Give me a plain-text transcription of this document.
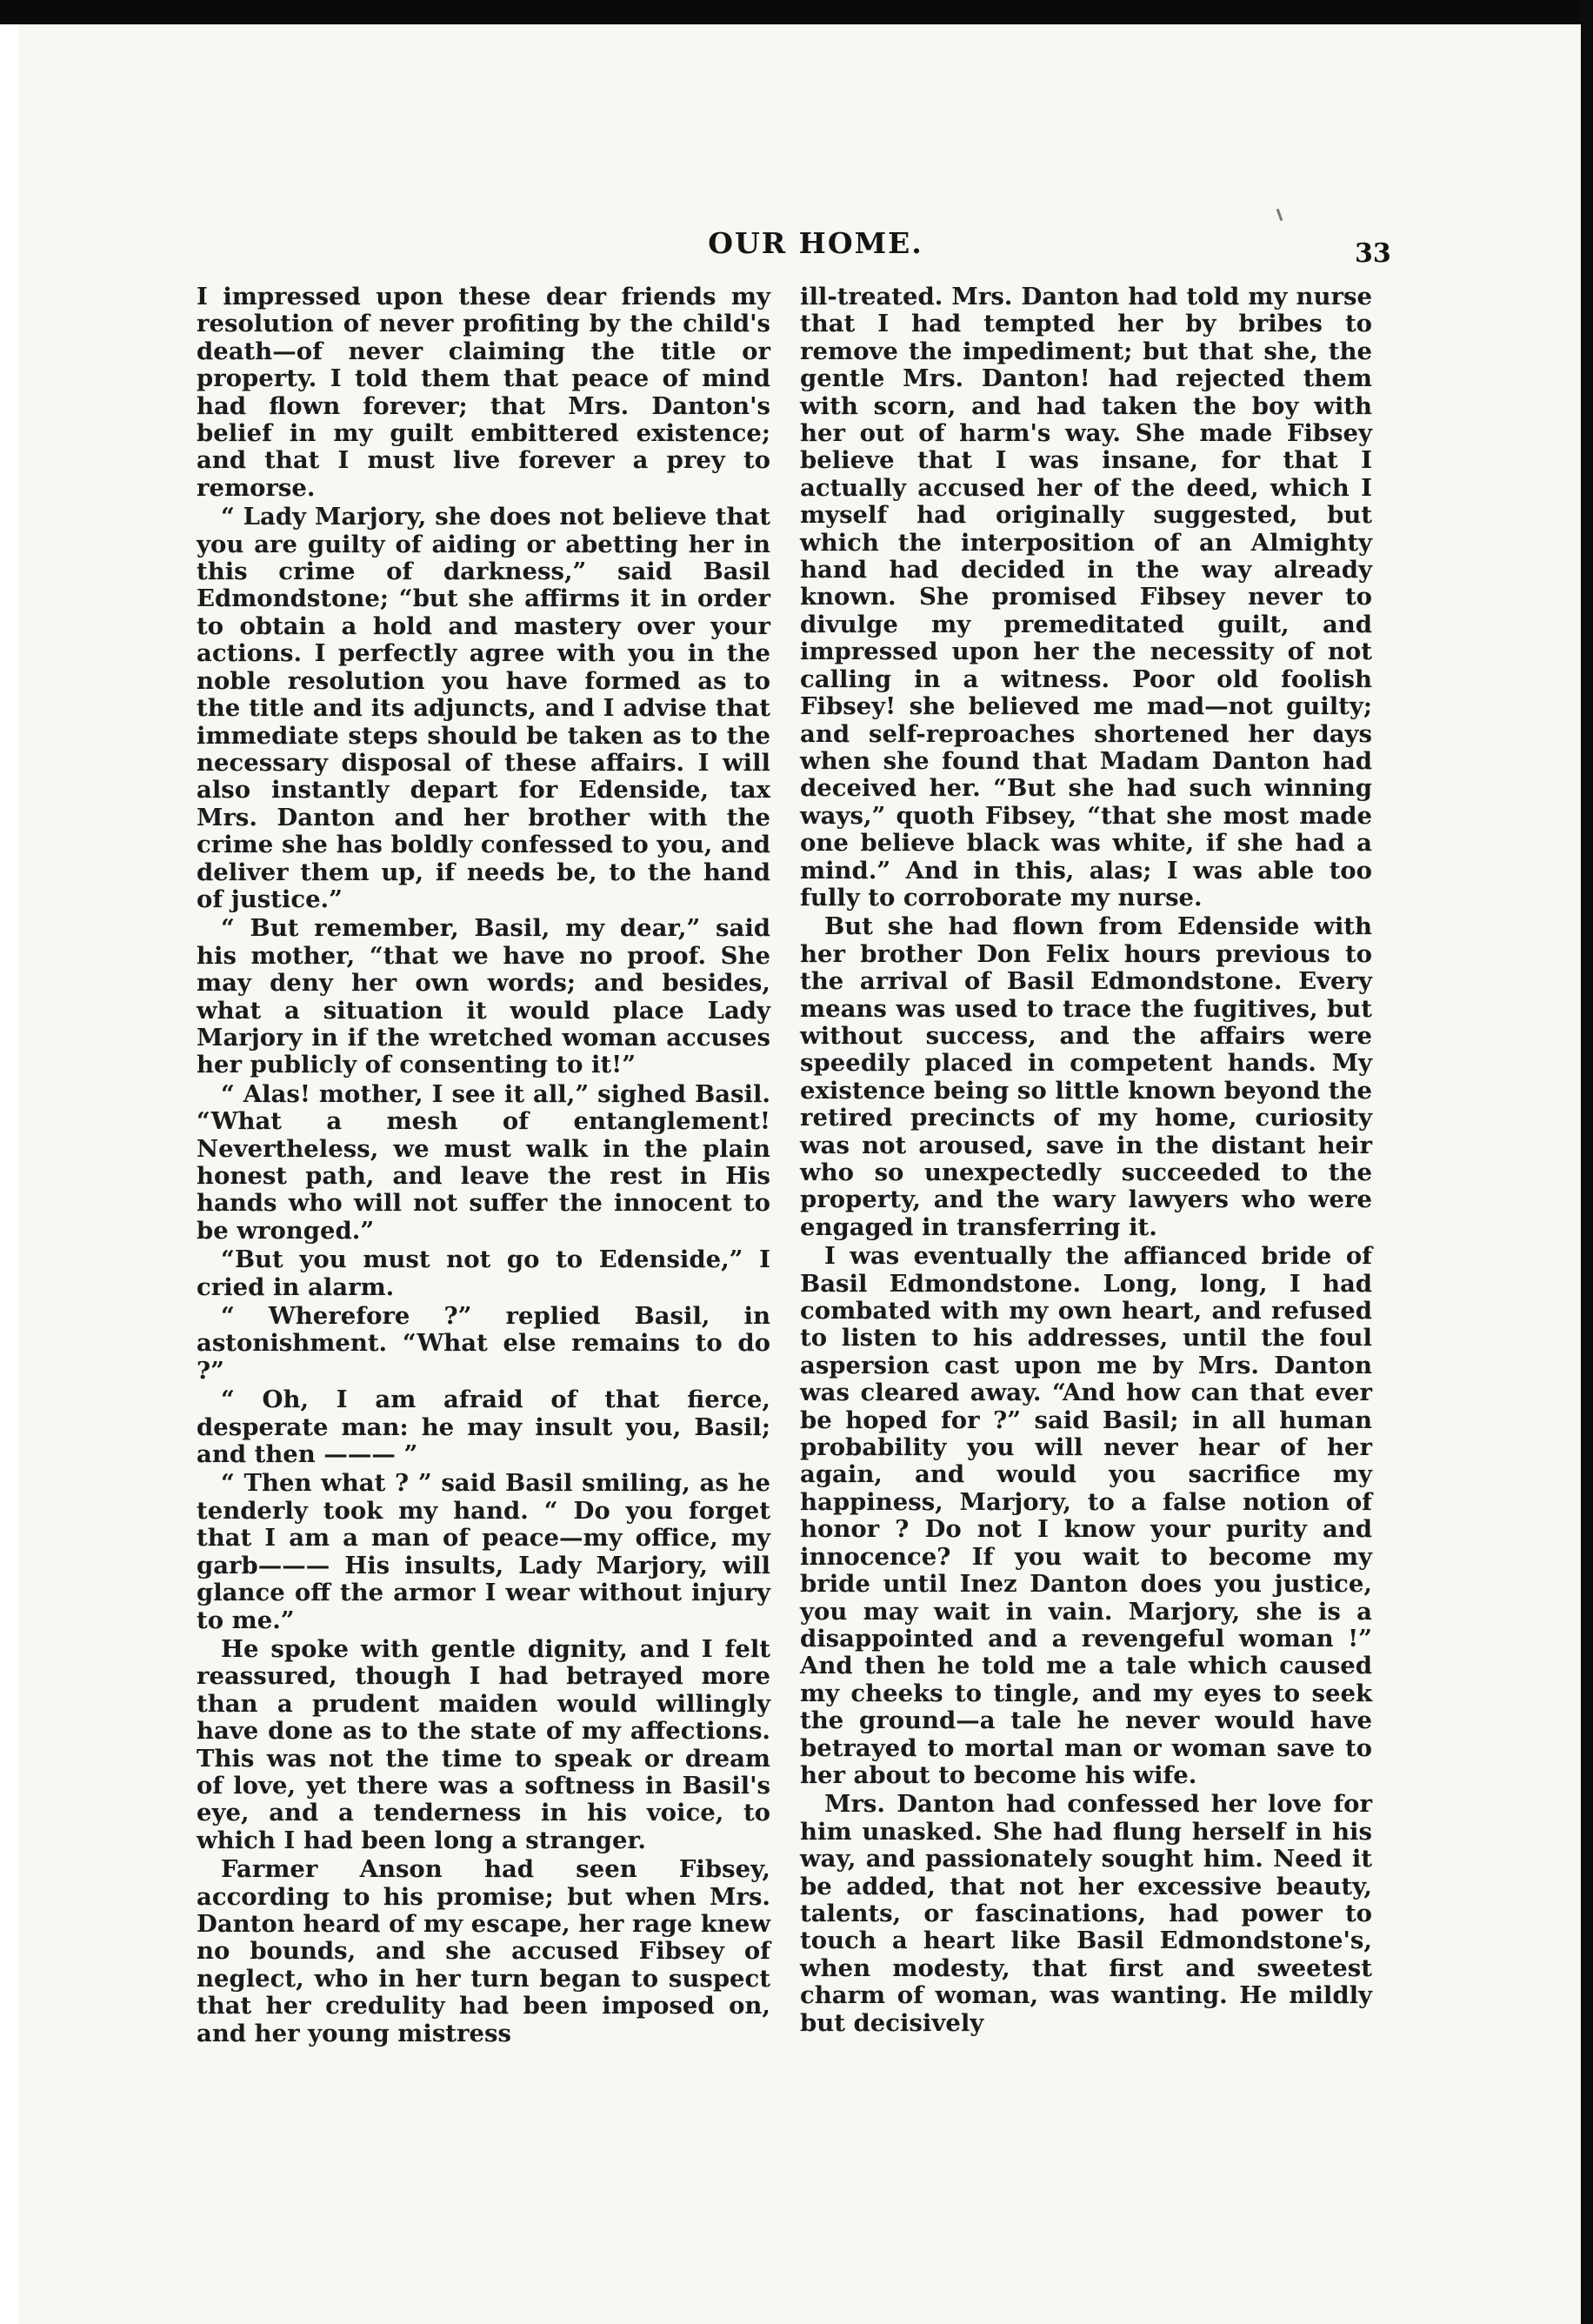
OUR HOME.	33

I impressed upon these dear friends my resolution of never profiting by the child's death—of never claiming the title or property. I told them that peace of mind had flown forever; that Mrs. Danton's belief in my guilt embittered existence; and that I must live forever a prey to remorse.

“ Lady Marjory, she does not believe that you are guilty of aiding or abetting her in this crime of darkness,” said Basil Edmondstone; “but she affirms it in order to obtain a hold and mastery over your actions. I perfectly agree with you in the noble resolution you have formed as to the title and its adjuncts, and I advise that immediate steps should be taken as to the necessary disposal of these affairs. I will also instantly depart for Edenside, tax Mrs. Danton and her brother with the crime she has boldly confessed to you, and deliver them up, if needs be, to the hand of justice.”

“ But remember, Basil, my dear,” said his mother, “that we have no proof. She may deny her own words; and besides, what a situation it would place Lady Marjory in if the wretched woman accuses her publicly of consenting to it!”

“ Alas! mother, I see it all,” sighed Basil. “What a mesh of entanglement! Nevertheless, we must walk in the plain honest path, and leave the rest in His hands who will not suffer the innocent to be wronged.”

“But you must not go to Edenside,” I cried in alarm.

“ Wherefore ?” replied Basil, in astonishment. “What else remains to do ?”

“ Oh, I am afraid of that fierce, desperate man: he may insult you, Basil; and then ——— ”

“ Then what ? ” said Basil smiling, as he tenderly took my hand. “ Do you forget that I am a man of peace—my office, my garb——— His insults, Lady Marjory, will glance off the armor I wear without injury to me.”

He spoke with gentle dignity, and I felt reassured, though I had betrayed more than a prudent maiden would willingly have done as to the state of my affections. This was not the time to speak or dream of love, yet there was a softness in Basil's eye, and a tenderness in his voice, to which I had been long a stranger.

Farmer Anson had seen Fibsey, according to his promise; but when Mrs. Danton heard of my escape, her rage knew no bounds, and she accused Fibsey of neglect, who in her turn began to suspect that her credulity had been imposed on, and her young mistress

ill-treated. Mrs. Danton had told my nurse that I had tempted her by bribes to remove the impediment; but that she, the gentle Mrs. Danton! had rejected them with scorn, and had taken the boy with her out of harm's way. She made Fibsey believe that I was insane, for that I actually accused her of the deed, which I myself had originally suggested, but which the interposition of an Almighty hand had decided in the way already known. She promised Fibsey never to divulge my premeditated guilt, and impressed upon her the necessity of not calling in a witness. Poor old foolish Fibsey! she believed me mad—not guilty; and self-reproaches shortened her days when she found that Madam Danton had deceived her. “But she had such winning ways,” quoth Fibsey, “that she most made one believe black was white, if she had a mind.” And in this, alas; I was able too fully to corroborate my nurse.

But she had flown from Edenside with her brother Don Felix hours previous to the arrival of Basil Edmondstone. Every means was used to trace the fugitives, but without success, and the affairs were speedily placed in competent hands. My existence being so little known beyond the retired precincts of my home, curiosity was not aroused, save in the distant heir who so unexpectedly succeeded to the property, and the wary lawyers who were engaged in transferring it.

I was eventually the affianced bride of Basil Edmondstone. Long, long, I had combated with my own heart, and refused to listen to his addresses, until the foul aspersion cast upon me by Mrs. Danton was cleared away. “And how can that ever be hoped for ?” said Basil; in all human probability you will never hear of her again, and would you sacrifice my happiness, Marjory, to a false notion of honor ? Do not I know your purity and innocence? If you wait to become my bride until Inez Danton does you justice, you may wait in vain. Marjory, she is a disappointed and a revengeful woman !” And then he told me a tale which caused my cheeks to tingle, and my eyes to seek the ground—a tale he never would have betrayed to mortal man or woman save to her about to become his wife.

Mrs. Danton had confessed her love for him unasked. She had flung herself in his way, and passionately sought him. Need it be added, that not her excessive beauty, talents, or fascinations, had power to touch a heart like Basil Edmondstone's, when modesty, that first and sweetest charm of woman, was wanting. He mildly but decisively
